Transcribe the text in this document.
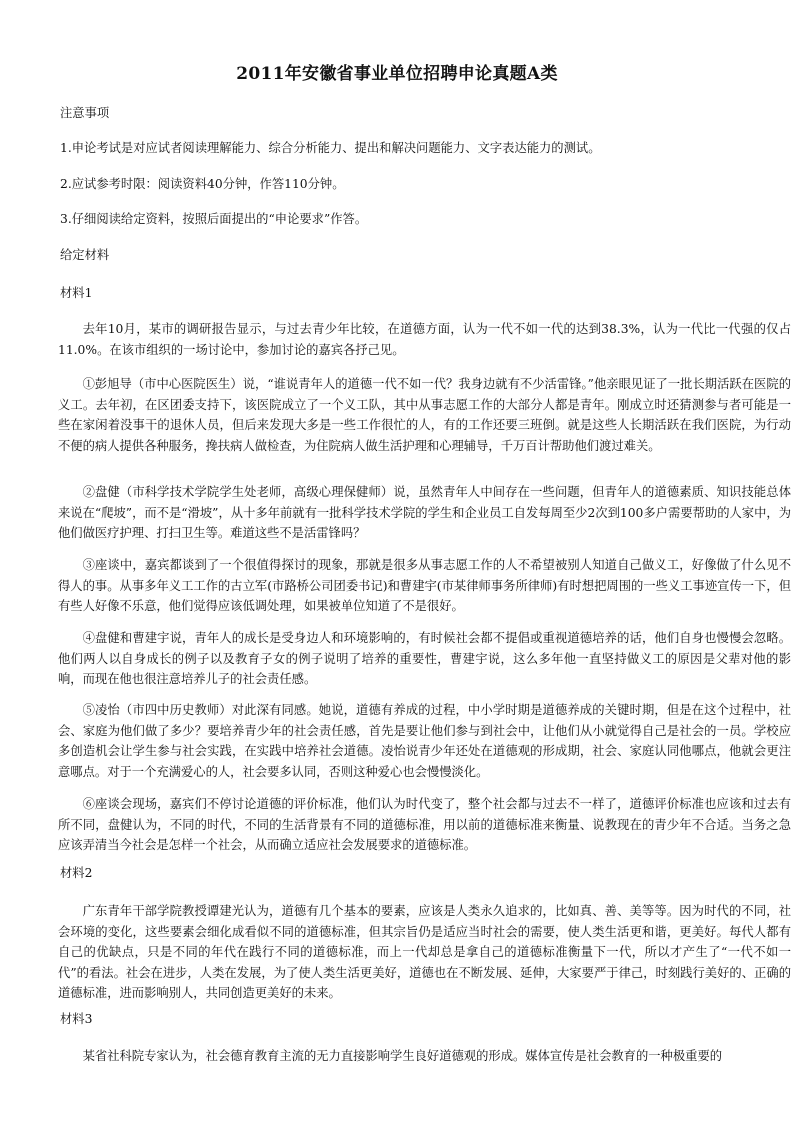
2011年安徽省事业单位招聘申论真题A类
注意事项
1.申论考试是对应试者阅读理解能力、综合分析能力、提出和解决问题能力、文字表达能力的测试。
2.应试参考时限：阅读资料40分钟，作答110分钟。
3.仔细阅读给定资料，按照后面提出的“申论要求”作答。
给定材料
材料1

去年10月，某市的调研报告显示，与过去青少年比较，在道德方面，认为一代不如一代的达到38.3%，认为一代比一代强的仅占11.0%。在该市组织的一场讨论中，参加讨论的嘉宾各抒己见。

①彭旭导（市中心医院医生）说，“谁说青年人的道德一代不如一代？我身边就有不少活雷锋。”他亲眼见证了一批长期活跃在医院的义工。去年初，在区团委支持下，该医院成立了一个义工队，其中从事志愿工作的大部分人都是青年。刚成立时还猜测参与者可能是一些在家闲着没事干的退休人员，但后来发现大多是一些工作很忙的人，有的工作还要三班倒。就是这些人长期活跃在我们医院，为行动不便的病人提供各种服务，搀扶病人做检查，为住院病人做生活护理和心理辅导，千万百计帮助他们渡过难关。

②盘健（市科学技术学院学生处老师，高级心理保健师）说，虽然青年人中间存在一些问题，但青年人的道德素质、知识技能总体来说在“爬坡”，而不是“滑坡”，从十多年前就有一批科学技术学院的学生和企业员工自发每周至少2次到100多户需要帮助的人家中，为他们做医疗护理、打扫卫生等。难道这些不是活雷锋吗？

③座谈中，嘉宾都谈到了一个很值得探讨的现象，那就是很多从事志愿工作的人不希望被别人知道自己做义工，好像做了什么见不得人的事。从事多年义工工作的古立军(市路桥公司团委书记)和曹建宇(市某律师事务所律师)有时想把周围的一些义工事迹宣传一下，但有些人好像不乐意，他们觉得应该低调处理，如果被单位知道了不是很好。

④盘健和曹建宇说，青年人的成长是受身边人和环境影响的，有时候社会都不提倡或重视道德培养的话，他们自身也慢慢会忽略。他们两人以自身成长的例子以及教育子女的例子说明了培养的重要性，曹建宇说，这么多年他一直坚持做义工的原因是父辈对他的影响，而现在他也很注意培养儿子的社会责任感。

⑤凌怡（市四中历史教师）对此深有同感。她说，道德有养成的过程，中小学时期是道德养成的关键时期，但是在这个过程中，社会、家庭为他们做了多少？要培养青少年的社会责任感，首先是要让他们参与到社会中，让他们从小就觉得自己是社会的一员。学校应多创造机会让学生参与社会实践，在实践中培养社会道德。凌怡说青少年还处在道德观的形成期，社会、家庭认同他哪点，他就会更注意哪点。对于一个充满爱心的人，社会要多认同，否则这种爱心也会慢慢淡化。

⑥座谈会现场，嘉宾们不停讨论道德的评价标准，他们认为时代变了，整个社会都与过去不一样了，道德评价标准也应该和过去有所不同，盘健认为，不同的时代，不同的生活背景有不同的道德标准，用以前的道德标准来衡量、说教现在的青少年不合适。当务之急应该弄清当今社会是怎样一个社会，从而确立适应社会发展要求的道德标准。

材料2

广东青年干部学院教授谭建光认为，道德有几个基本的要素，应该是人类永久追求的，比如真、善、美等等。因为时代的不同，社会环境的变化，这些要素会细化成看似不同的道德标准，但其宗旨仍是适应当时社会的需要，使人类生活更和谐，更美好。每代人都有自己的优缺点，只是不同的年代在践行不同的道德标准，而上一代却总是拿自己的道德标准衡量下一代，所以才产生了“一代不如一代”的看法。社会在进步，人类在发展，为了使人类生活更美好，道德也在不断发展、延伸，大家要严于律己，时刻践行美好的、正确的道德标准，进而影响别人，共同创造更美好的未来。

材料3

某省社科院专家认为，社会德育教育主流的无力直接影响学生良好道德观的形成。媒体宣传是社会教育的一种极重要的
